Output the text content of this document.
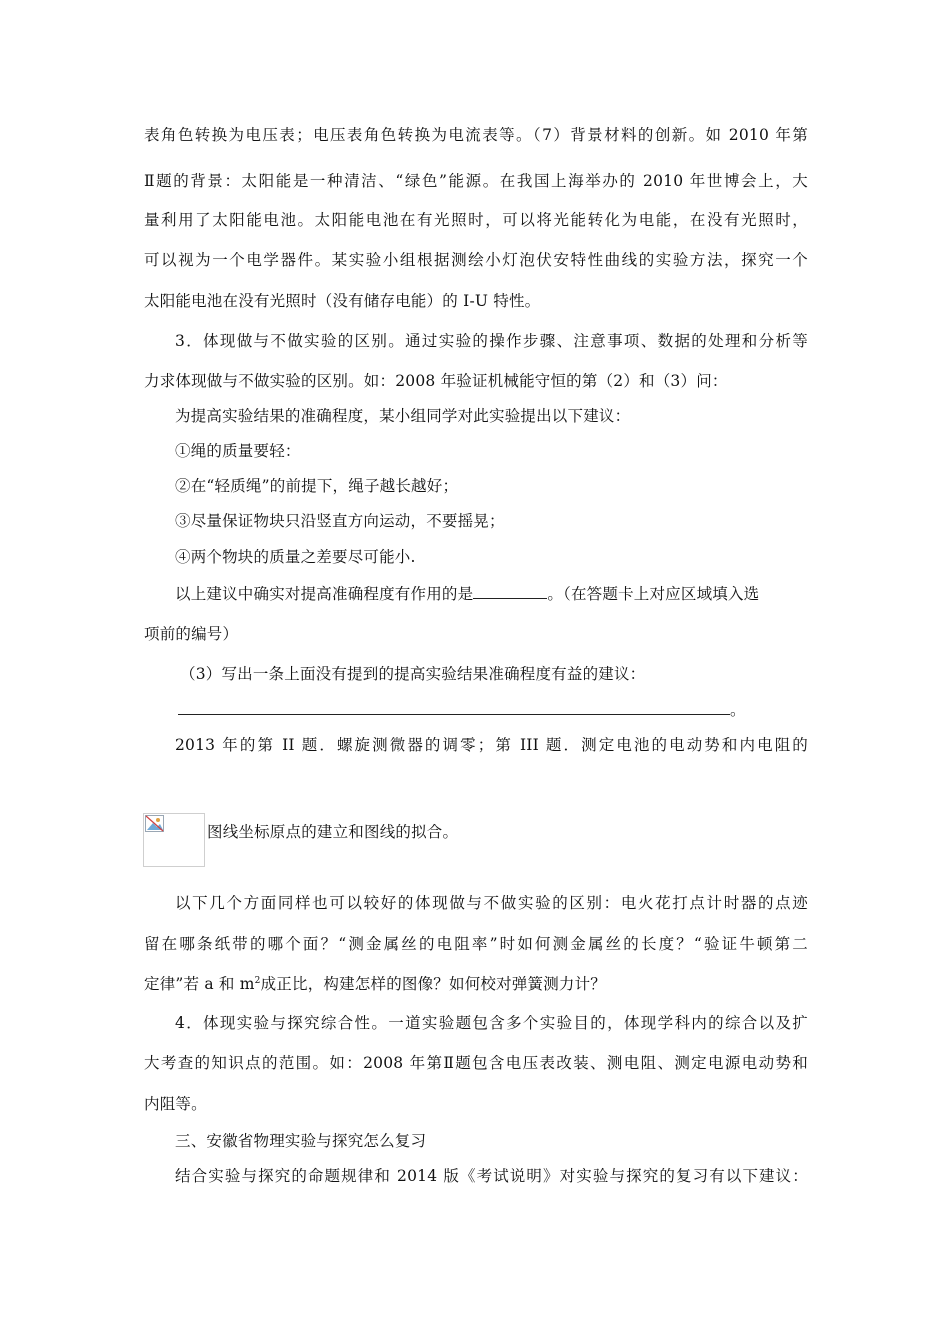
表角色转换为电压表；电压表角色转换为电流表等。（7）背景材料的创新。如 2010 年第
Ⅱ题的背景：太阳能是一种清洁、“绿色”能源。在我国上海举办的 2010 年世博会上，大
量利用了太阳能电池。太阳能电池在有光照时，可以将光能转化为电能，在没有光照时，
可以视为一个电学器件。某实验小组根据测绘小灯泡伏安特性曲线的实验方法，探究一个
太阳能电池在没有光照时（没有储存电能）的 I-U 特性。
3．体现做与不做实验的区别。通过实验的操作步骤、注意事项、数据的处理和分析等
力求体现做与不做实验的区别。如：2008 年验证机械能守恒的第（2）和（3）问：
为提高实验结果的准确程度，某小组同学对此实验提出以下建议：
①绳的质量要轻：
②在“轻质绳”的前提下，绳子越长越好；
③尽量保证物块只沿竖直方向运动，不要摇晃；
④两个物块的质量之差要尽可能小.
以上建议中确实对提高准确程度有作用的是	。（在答题卡上对应区域填入选
项前的编号）
（3）写出一条上面没有提到的提高实验结果准确程度有益的建议：
。
2013 年的第 II 题．螺旋测微器的调零；第 III 题．测定电池的电动势和内电阻的
图线坐标原点的建立和图线的拟合。
以下几个方面同样也可以较好的体现做与不做实验的区别：电火花打点计时器的点迹
留在哪条纸带的哪个面？“测金属丝的电阻率”时如何测金属丝的长度？“验证牛顿第二
定律”若 a 和 $m^2$成正比，构建怎样的图像？如何校对弹簧测力计？
4．体现实验与探究综合性。一道实验题包含多个实验目的，体现学科内的综合以及扩
大考查的知识点的范围。如：2008 年第Ⅱ题包含电压表改装、测电阻、测定电源电动势和
内阻等。
三、安徽省物理实验与探究怎么复习
结合实验与探究的命题规律和 2014 版《考试说明》对实验与探究的复习有以下建议：
